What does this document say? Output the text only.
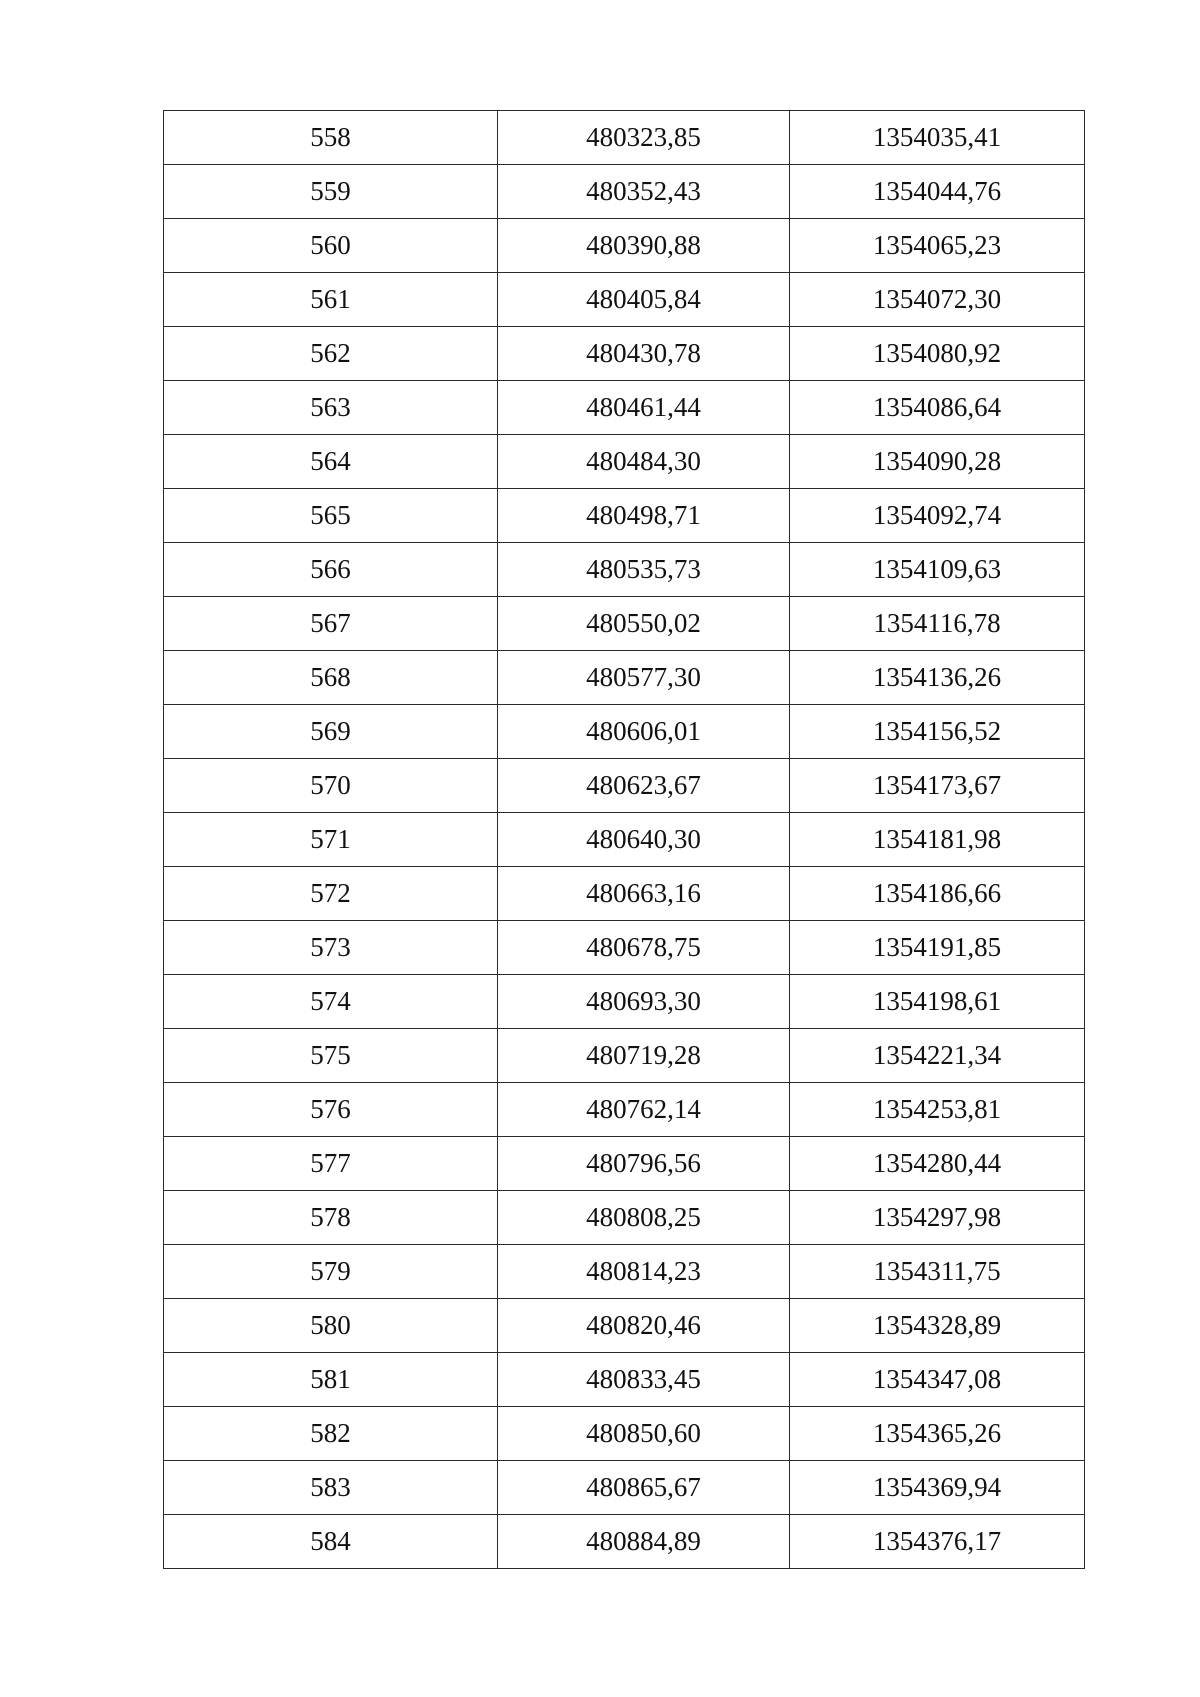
558	480323,85	1354035,41
559	480352,43	1354044,76
560	480390,88	1354065,23
561	480405,84	1354072,30
562	480430,78	1354080,92
563	480461,44	1354086,64
564	480484,30	1354090,28
565	480498,71	1354092,74
566	480535,73	1354109,63
567	480550,02	1354116,78
568	480577,30	1354136,26
569	480606,01	1354156,52
570	480623,67	1354173,67
571	480640,30	1354181,98
572	480663,16	1354186,66
573	480678,75	1354191,85
574	480693,30	1354198,61
575	480719,28	1354221,34
576	480762,14	1354253,81
577	480796,56	1354280,44
578	480808,25	1354297,98
579	480814,23	1354311,75
580	480820,46	1354328,89
581	480833,45	1354347,08
582	480850,60	1354365,26
583	480865,67	1354369,94
584	480884,89	1354376,17
